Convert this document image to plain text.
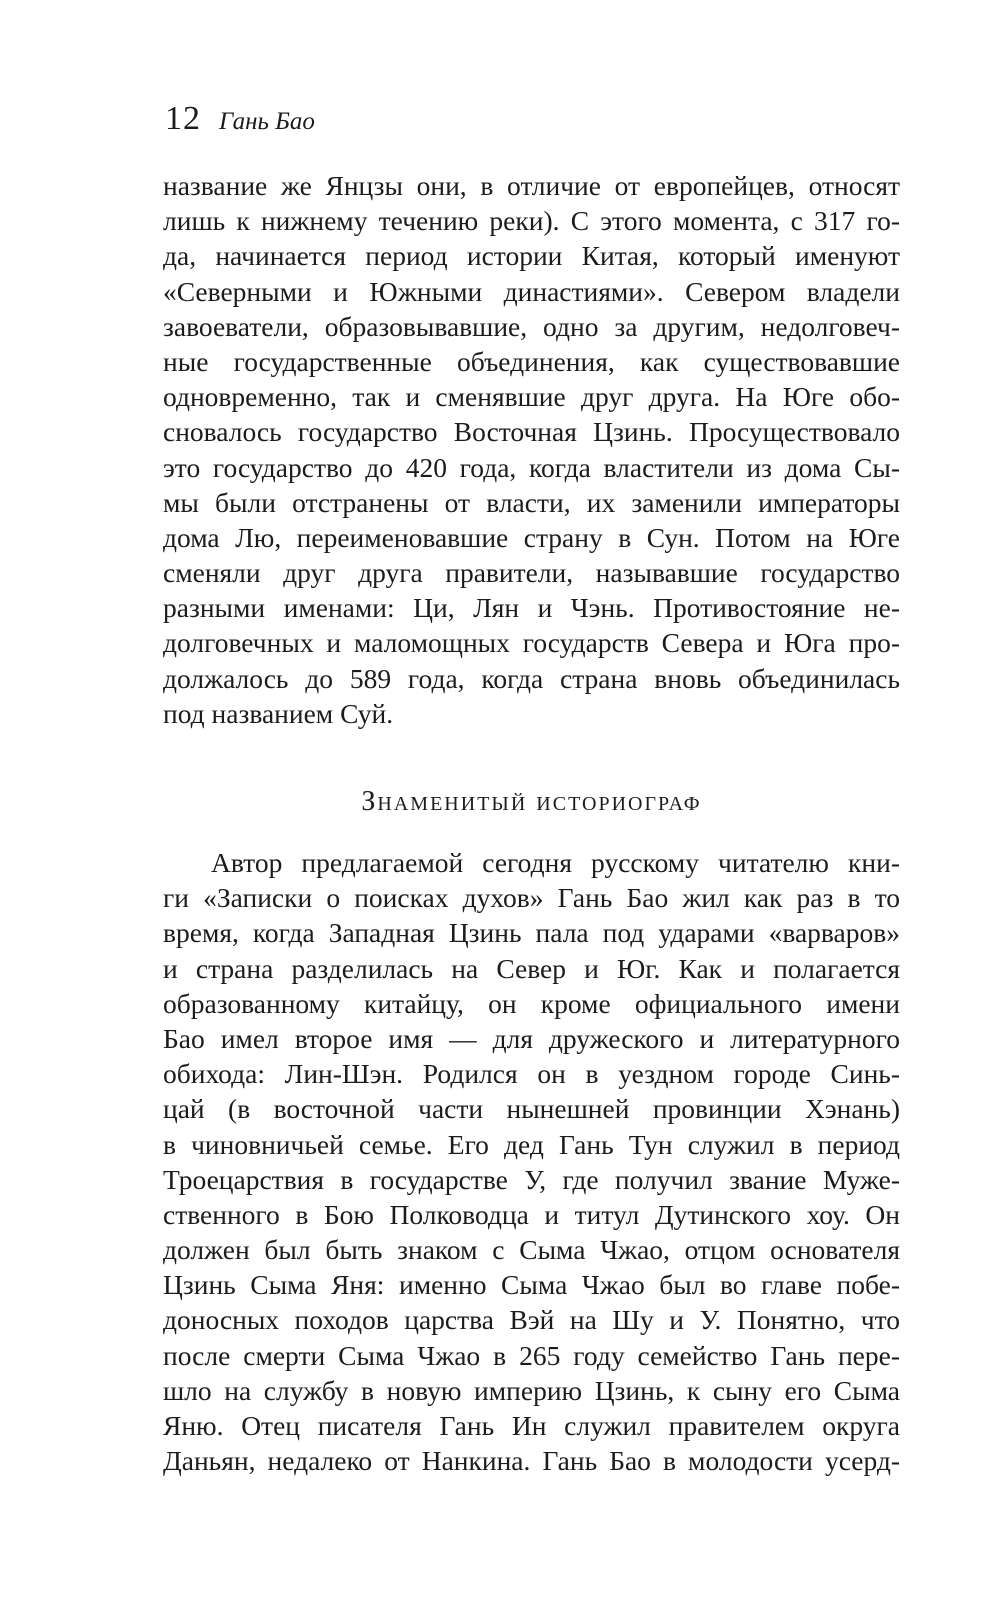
12 Гань Бао
название же Янцзы они, в отличие от европейцев, относят
лишь к нижнему течению реки). С этого момента, с 317 го-
да, начинается период истории Китая, который именуют
«Северными и Южными династиями». Севером владели
завоеватели, образовывавшие, одно за другим, недолговеч-
ные государственные объединения, как существовавшие
одновременно, так и сменявшие друг друга. На Юге обо-
сновалось государство Восточная Цзинь. Просуществовало
это государство до 420 года, когда властители из дома Сы-
мы были отстранены от власти, их заменили императоры
дома Лю, переименовавшие страну в Сун. Потом на Юге
сменяли друг друга правители, называвшие государство
разными именами: Ци, Лян и Чэнь. Противостояние не-
долговечных и маломощных государств Севера и Юга про-
должалось до 589 года, когда страна вновь объединилась
под названием Суй.
Знаменитый историограф
Автор предлагаемой сегодня русскому читателю кни-
ги «Записки о поисках духов» Гань Бао жил как раз в то
время, когда Западная Цзинь пала под ударами «варваров»
и страна разделилась на Север и Юг. Как и полагается
образованному китайцу, он кроме официального имени
Бао имел второе имя — для дружеского и литературного
обихода: Лин-Шэн. Родился он в уездном городе Синь-
цай (в восточной части нынешней провинции Хэнань)
в чиновничьей семье. Его дед Гань Тун служил в период
Троецарствия в государстве У, где получил звание Муже-
ственного в Бою Полководца и титул Дутинского хоу. Он
должен был быть знаком с Сыма Чжао, отцом основателя
Цзинь Сыма Яня: именно Сыма Чжао был во главе побе-
доносных походов царства Вэй на Шу и У. Понятно, что
после смерти Сыма Чжао в 265 году семейство Гань пере-
шло на службу в новую империю Цзинь, к сыну его Сыма
Яню. Отец писателя Гань Ин служил правителем округа
Даньян, недалеко от Нанкина. Гань Бао в молодости усерд-
